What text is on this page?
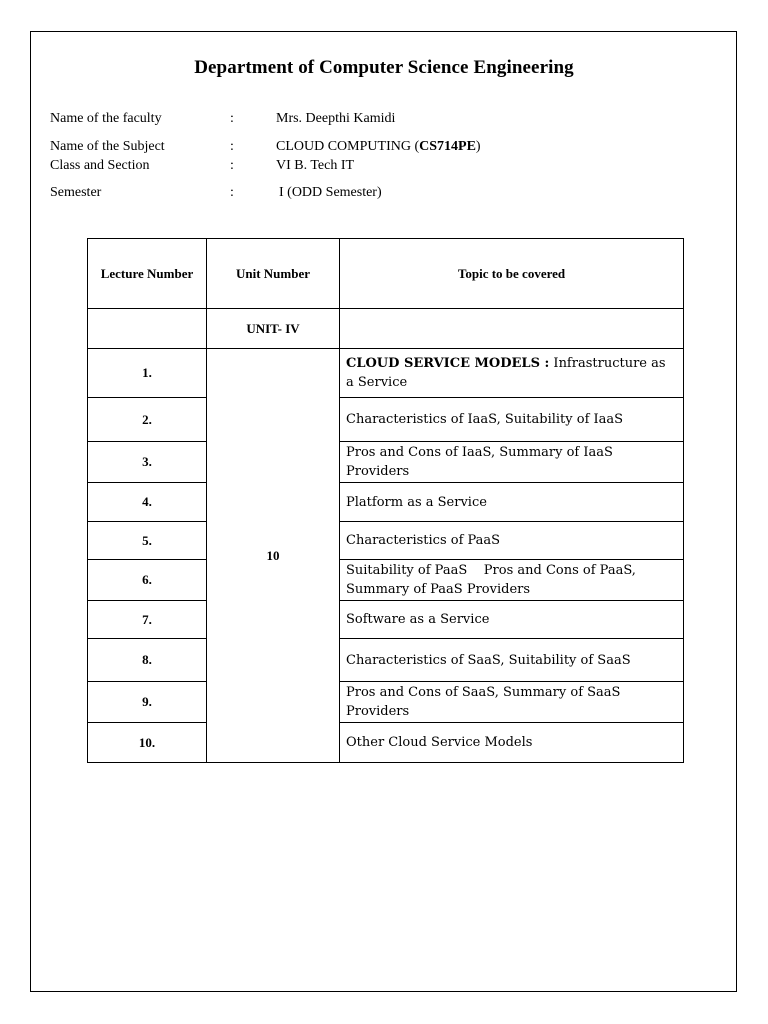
Department of Computer Science Engineering
Name of the faculty	:	Mrs. Deepthi Kamidi
Name of the Subject	:	CLOUD COMPUTING (CS714PE)
Class and Section	:	VI B. Tech IT
Semester	:	I (ODD Semester)
Lecture Number	Unit Number	Topic to be covered
	UNIT- IV	
1.	10	CLOUD SERVICE MODELS : Infrastructure as a Service
2.		Characteristics of IaaS, Suitability of IaaS
3.		Pros and Cons of IaaS, Summary of IaaS Providers
4.		Platform as a Service
5.		Characteristics of PaaS
6.		Suitability of PaaS    Pros and Cons of PaaS, Summary of PaaS Providers
7.		Software as a Service
8.		Characteristics of SaaS, Suitability of SaaS
9.		Pros and Cons of SaaS, Summary of SaaS Providers
10.		Other Cloud Service Models
